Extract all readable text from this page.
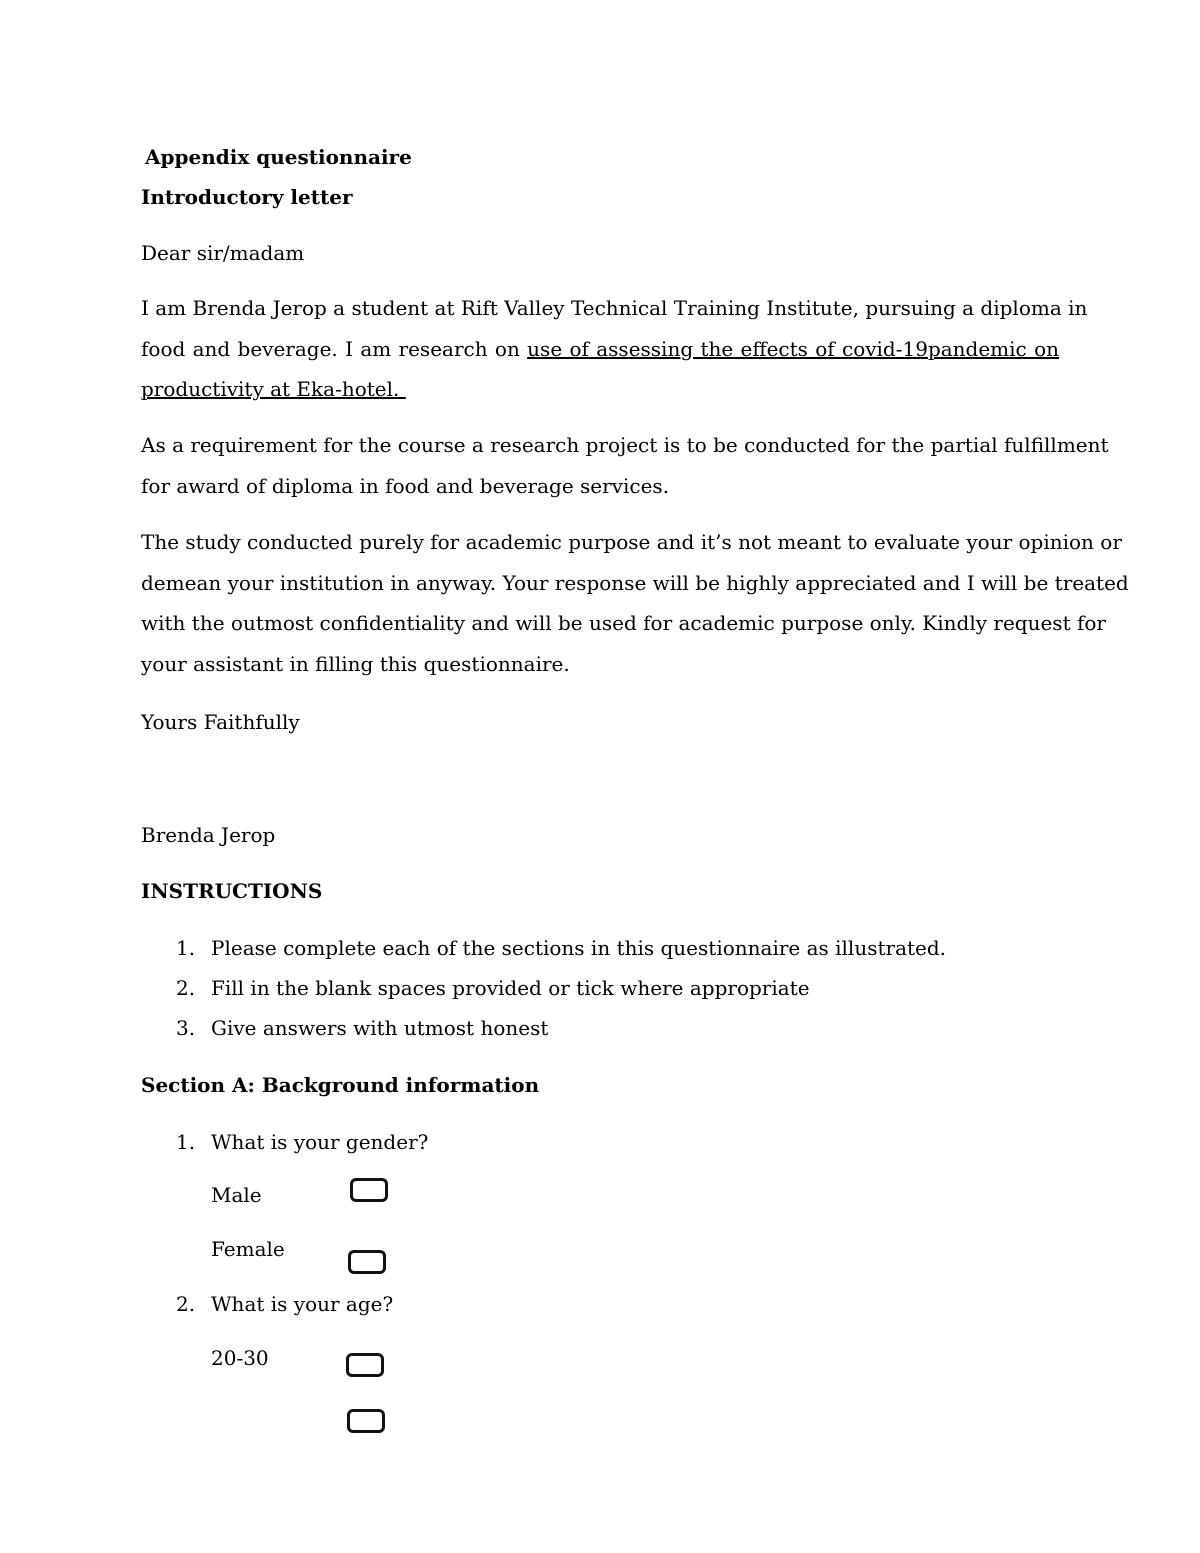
Appendix questionnaire

Introductory letter

Dear sir/madam

I am Brenda Jerop a student at Rift Valley Technical Training Institute, pursuing a diploma in
food and beverage. I am research on use of assessing the effects of covid-19pandemic on
productivity at Eka-hotel.
As a requirement for the course a research project is to be conducted for the partial fulfillment
for award of diploma in food and beverage services.
The study conducted purely for academic purpose and it’s not meant to evaluate your opinion or
demean your institution in anyway. Your response will be highly appreciated and I will be treated
with the outmost confidentiality and will be used for academic purpose only. Kindly request for
your assistant in filling this questionnaire.

Yours Faithfully

Brenda Jerop

INSTRUCTIONS

1. Please complete each of the sections in this questionnaire as illustrated.

2. Fill in the blank spaces provided or tick where appropriate

3. Give answers with utmost honest

Section A: Background information

1. What is your gender?

Male

Female

2. What is your age?

20-30
